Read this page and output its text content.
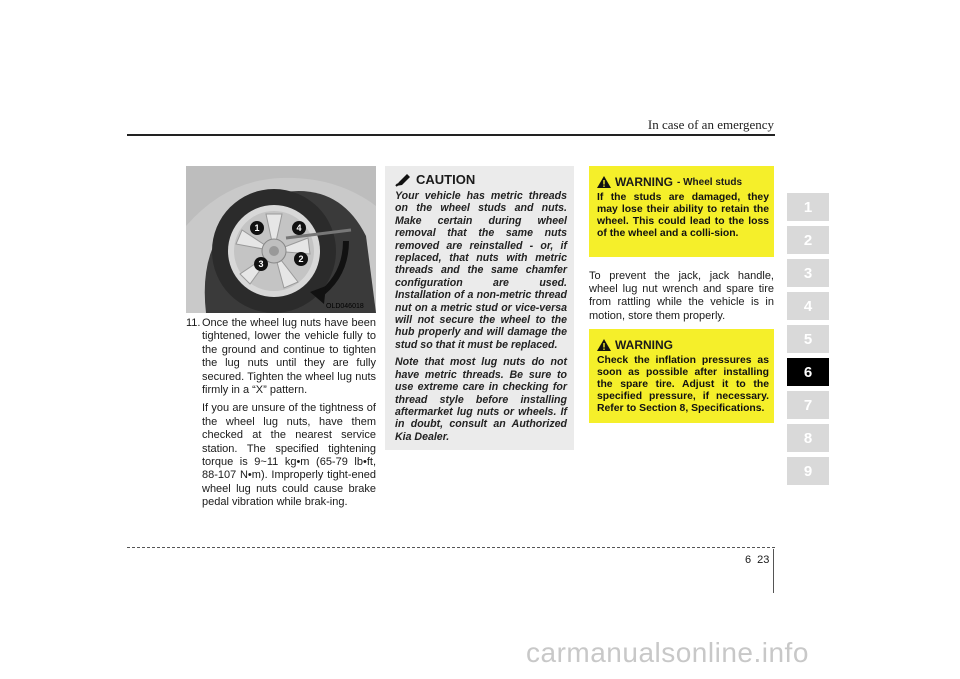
In case of an emergency
1
2
3
4
5
6
7
8
9
1	4
3	2
OLD046018
11. Once the wheel lug nuts have been tightened, lower the vehicle fully to the ground and continue to tighten the lug nuts until they are fully secured. Tighten the wheel lug nuts firmly in a “X” pattern.

If you are unsure of the tightness of the wheel lug nuts, have them checked at the nearest service station. The specified tightening torque is 9~11 kg•m (65-79 lb•ft, 88-107 N•m). Improperly tight-ened wheel lug nuts could cause brake pedal vibration while brak-ing.

CAUTION

Your vehicle has metric threads on the wheel studs and nuts. Make certain during wheel removal that the same nuts removed are reinstalled - or, if replaced, that nuts with metric threads and the same chamfer configuration are used. Installation of a non-metric thread nut on a metric stud or vice-versa will not secure the wheel to the hub properly and will damage the stud so that it must be replaced.

Note that most lug nuts do not have metric threads. Be sure to use extreme care in checking for thread style before installing aftermarket lug nuts or wheels. If in doubt, consult an Authorized Kia Dealer.

WARNING - Wheel studs
If the studs are damaged, they may lose their ability to retain the wheel. This could lead to the loss of the wheel and a colli-sion.
To prevent the jack, jack handle, wheel lug nut wrench and spare tire from rattling while the vehicle is in motion, store them properly.
WARNING
Check the inflation pressures as soon as possible after installing the spare tire. Adjust it to the specified pressure, if necessary. Refer to Section 8, Specifications.
6 23
carmanualsonline.info
